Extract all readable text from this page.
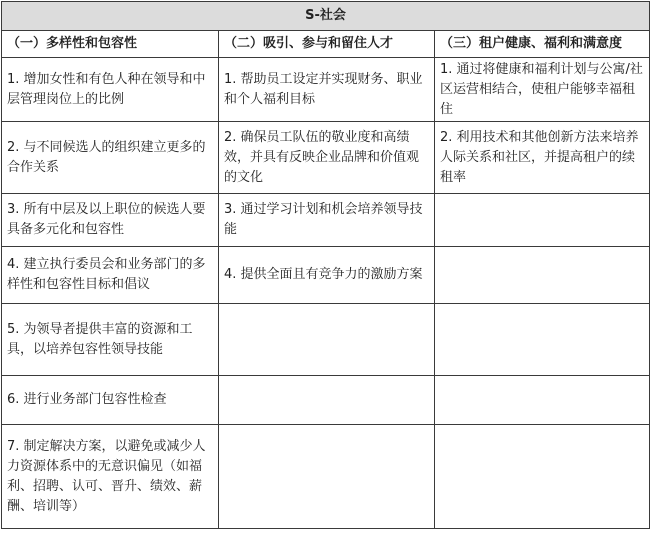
S-社会		
（一）多样性和包容性	（二）吸引、参与和留住人才	（三）租户健康、福利和满意度

1. 增加女性和有色人种在领导和中层管理岗位上的比例	1. 帮助员工设定并实现财务、职业和个人福利目标	1. 通过将健康和福利计划与公寓/社区运营相结合，使租户能够幸福租住

2. 与不同候选人的组织建立更多的合作关系	2. 确保员工队伍的敬业度和高绩效，并具有反映企业品牌和价值观的文化	2. 利用技术和其他创新方法来培养人际关系和社区，并提高租户的续租率

3. 所有中层及以上职位的候选人要具备多元化和包容性	3. 通过学习计划和机会培养领导技能	

4. 建立执行委员会和业务部门的多样性和包容性目标和倡议	4. 提供全面且有竞争力的激励方案	

5. 为领导者提供丰富的资源和工具，以培养包容性领导技能		

6. 进行业务部门包容性检查		

7. 制定解决方案，以避免或减少人力资源体系中的无意识偏见（如福利、招聘、认可、晋升、绩效、薪酬、培训等）		
